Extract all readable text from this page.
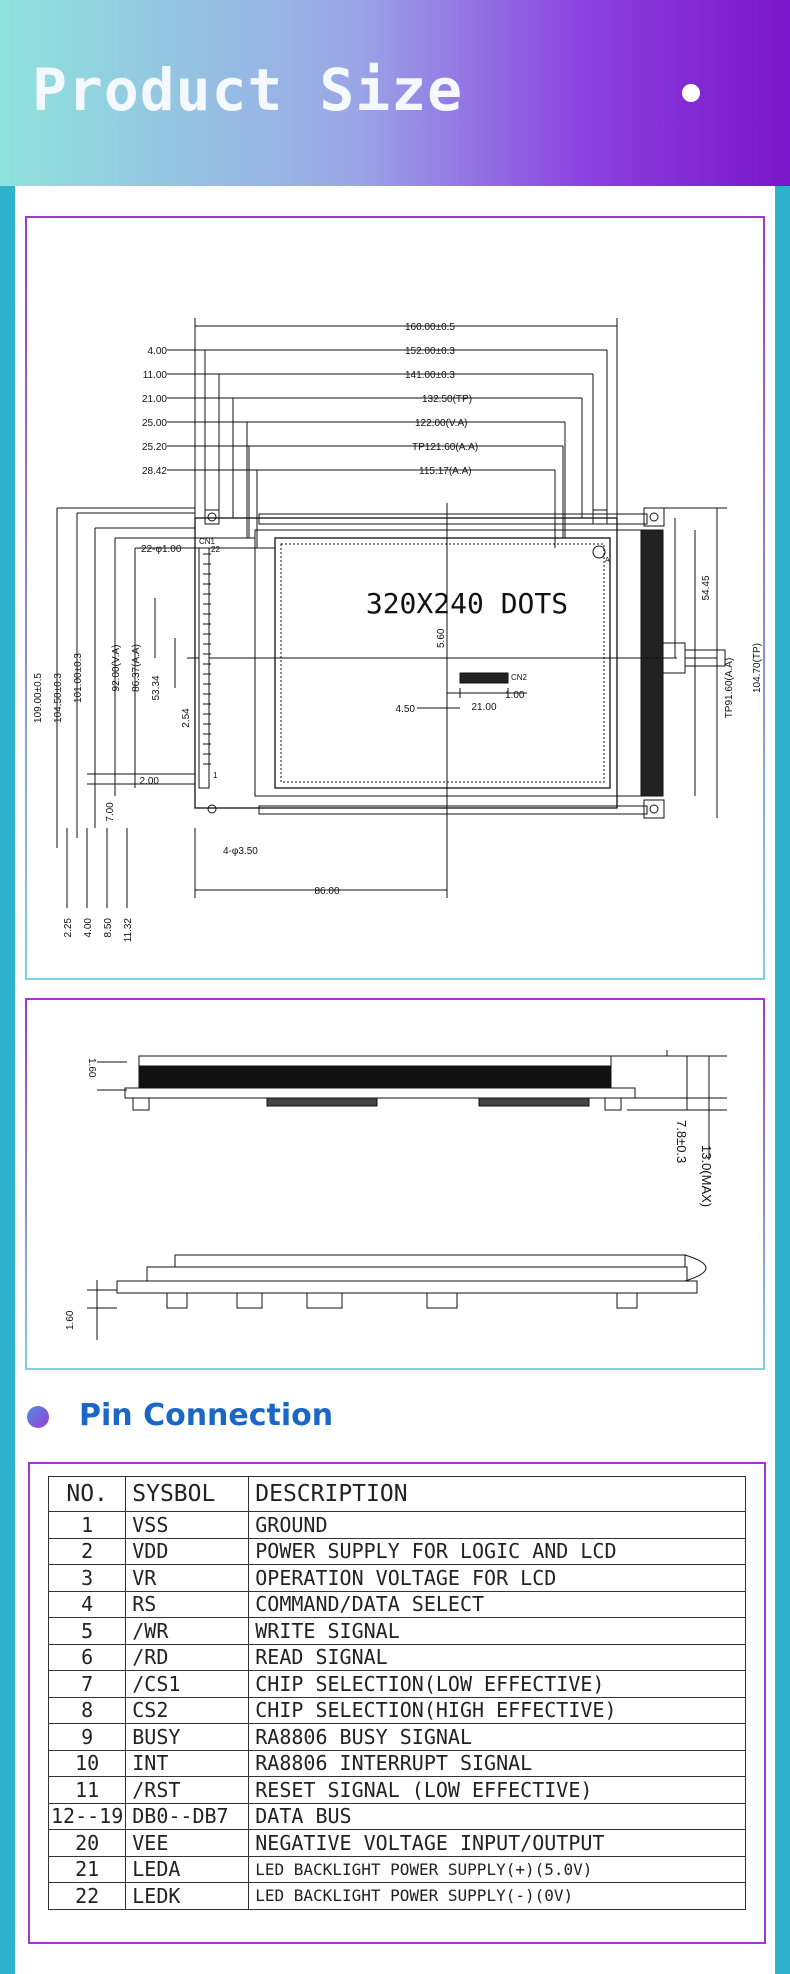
Product Size
160.00±0.5
152.00±0.3
141.00±0.3
132.50(TP)
122.00(V.A)
TP121.60(A.A)
115.17(A.A)
4.00
11.00
21.00
25.00
25.20
28.42
109.00±0.5 104.50±0.3 101.00±0.3	92.00(V.A) 86.37(A.A) 53.34
2.54
54.45
TP91.60(A.A) 104.70(TP)
320X240 DOTS
5.60
CN1
22
1
22-φ1.00
CN2
4.50	21.00
1.00
2.25 4.00 8.50 11.32
7.00
2.00
4-φ3.50
86.00
A
1.60
7.8±0.3
13.0(MAX)
1.60
Pin Connection
NO.	SYSBOL	DESCRIPTION
1	VSS	GROUND
2	VDD	POWER SUPPLY FOR LOGIC AND LCD
3	VR	OPERATION VOLTAGE FOR LCD
4	RS	COMMAND/DATA SELECT
5	/WR	WRITE SIGNAL
6	/RD	READ SIGNAL
7	/CS1	CHIP SELECTION(LOW EFFECTIVE)
8	CS2	CHIP SELECTION(HIGH EFFECTIVE)
9	BUSY	RA8806 BUSY SIGNAL
10	INT	RA8806 INTERRUPT SIGNAL
11	/RST	RESET SIGNAL (LOW EFFECTIVE)
12--19	DB0--DB7	DATA BUS
20	VEE	NEGATIVE VOLTAGE INPUT/OUTPUT
21	LEDA	LED BACKLIGHT POWER SUPPLY(+)(5.0V)
22	LEDK	LED BACKLIGHT POWER SUPPLY(-)(0V)
